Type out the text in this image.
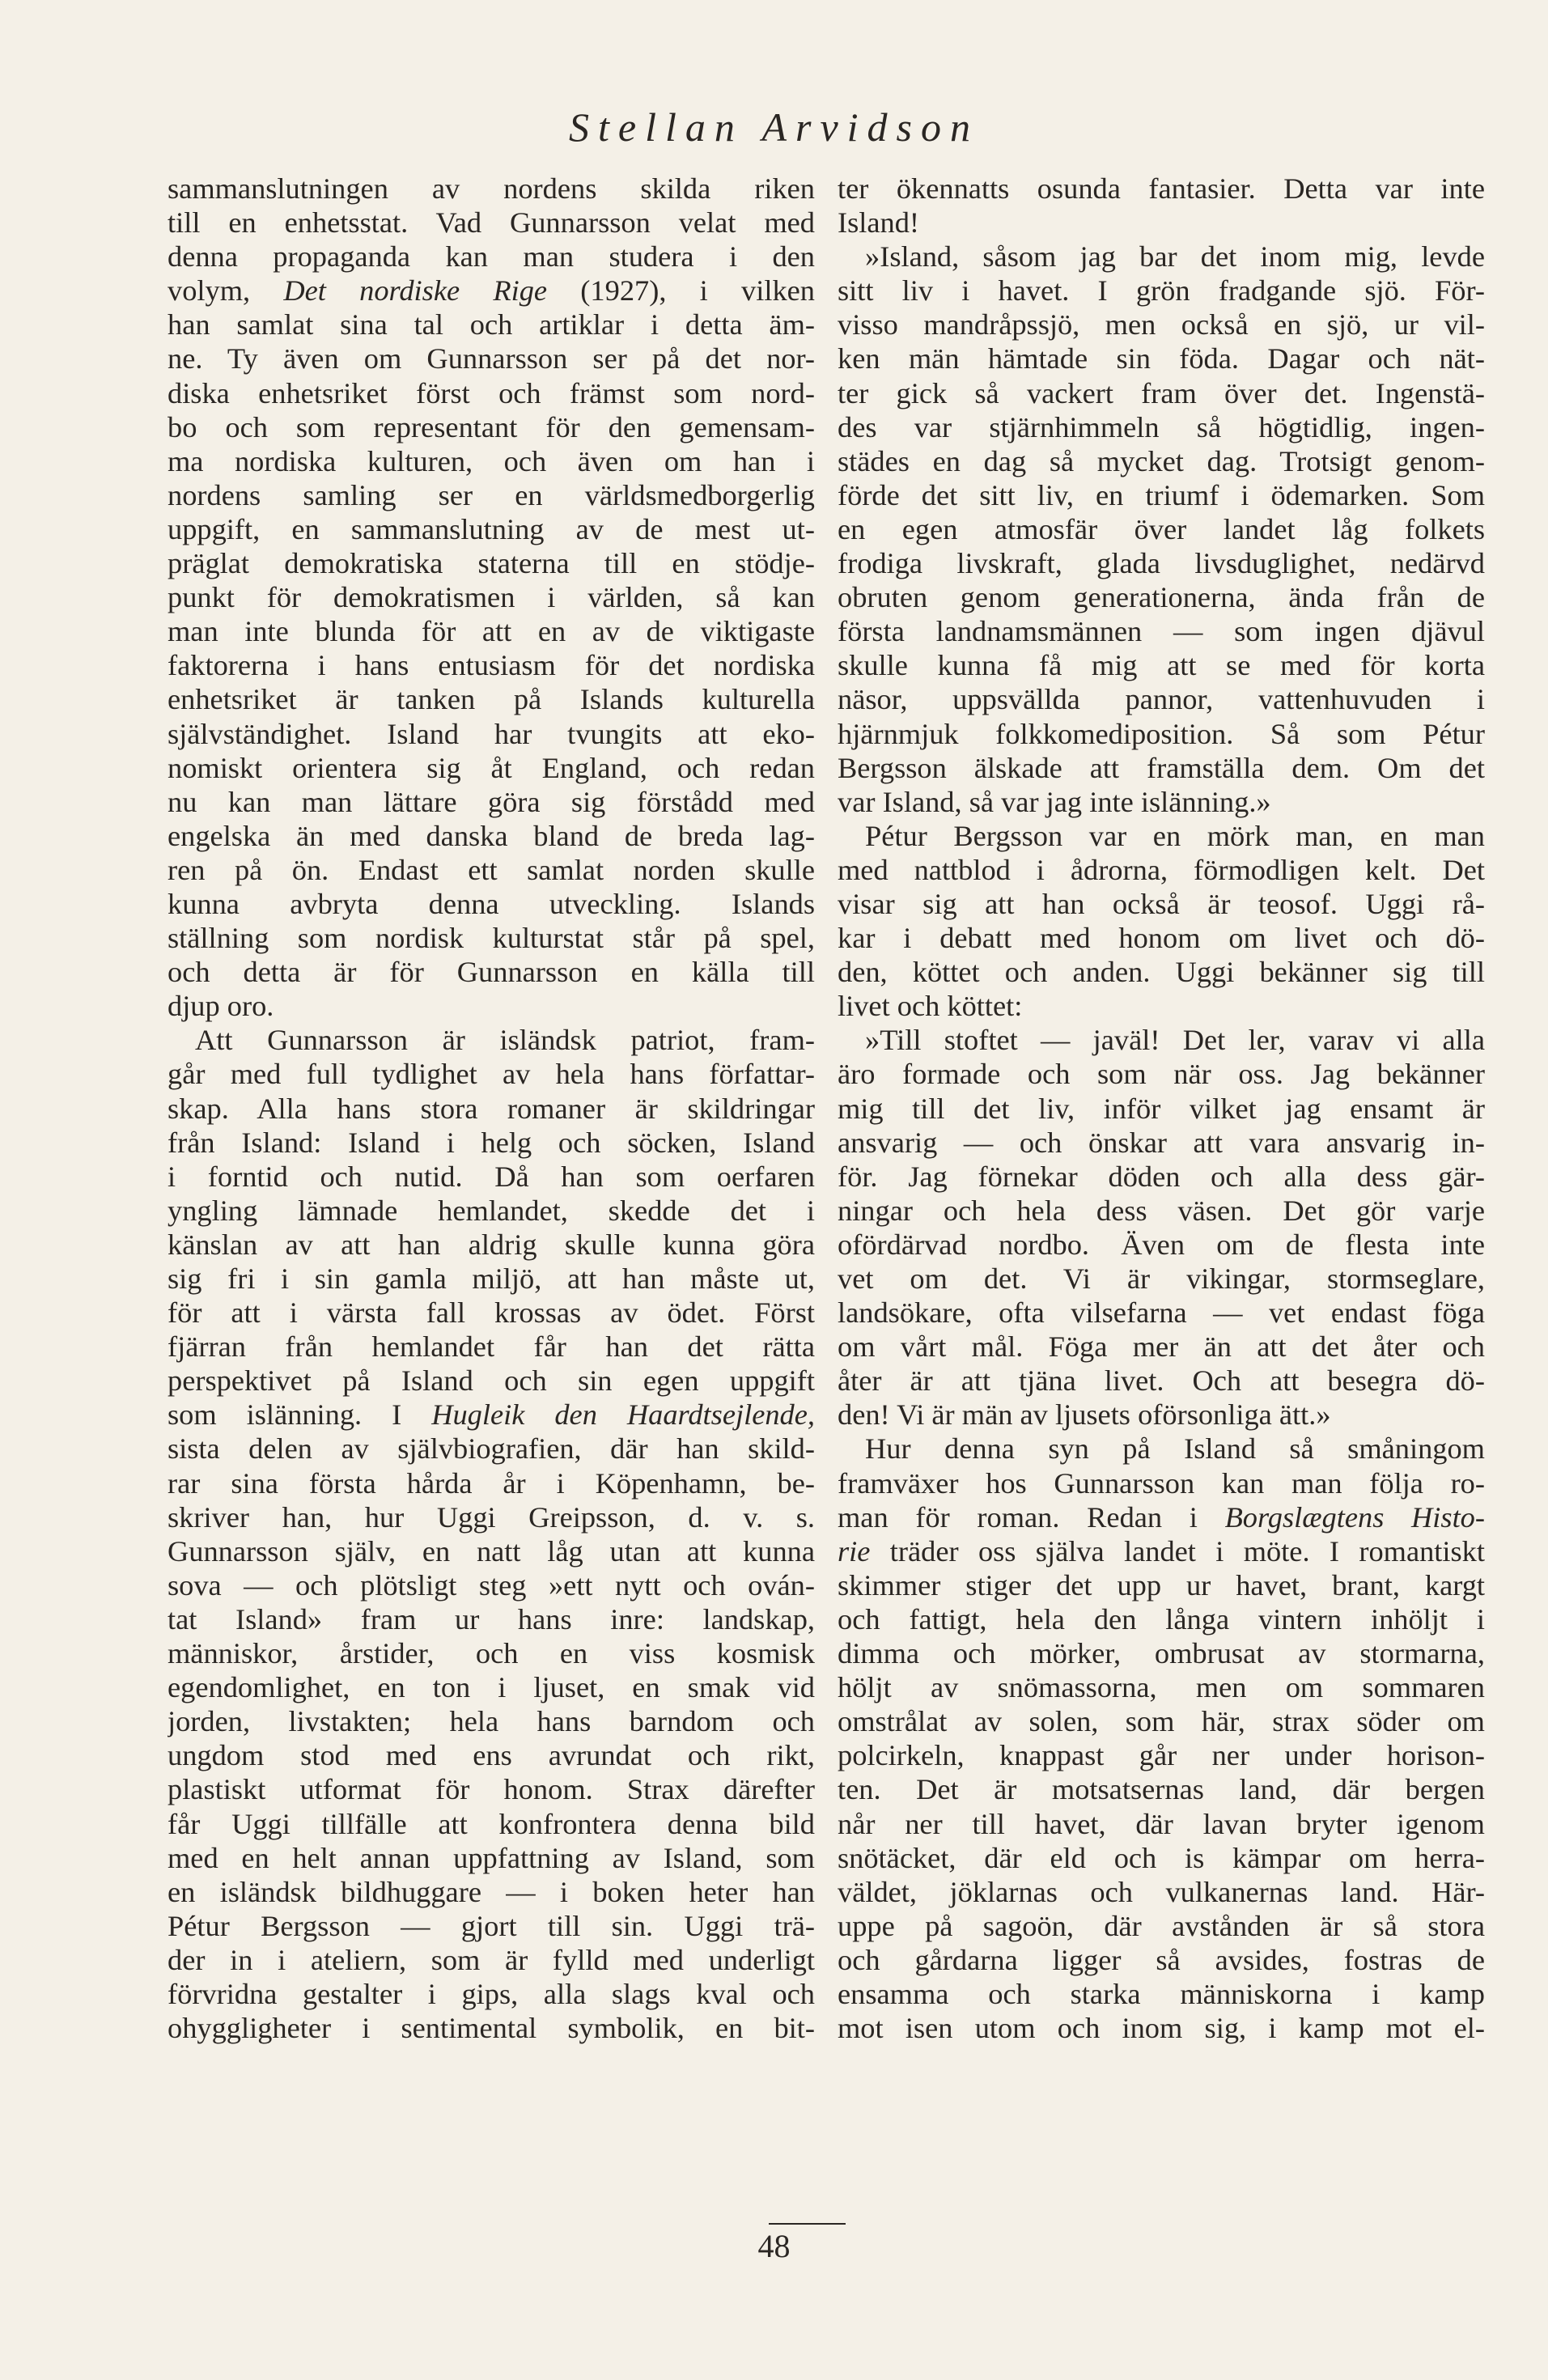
Stellan Arvidson
sammanslutningen av nordens skilda riken
till en enhetsstat. Vad Gunnarsson velat med
denna propaganda kan man studera i den
volym, Det nordiske Rige (1927), i vilken
han samlat sina tal och artiklar i detta äm-
ne. Ty även om Gunnarsson ser på det nor-
diska enhetsriket först och främst som nord-
bo och som representant för den gemensam-
ma nordiska kulturen, och även om han i
nordens samling ser en världsmedborgerlig
uppgift, en sammanslutning av de mest ut-
präglat demokratiska staterna till en stödje-
punkt för demokratismen i världen, så kan
man inte blunda för att en av de viktigaste
faktorerna i hans entusiasm för det nordiska
enhetsriket är tanken på Islands kulturella
självständighet. Island har tvungits att eko-
nomiskt orientera sig åt England, och redan
nu kan man lättare göra sig förstådd med
engelska än med danska bland de breda lag-
ren på ön. Endast ett samlat norden skulle
kunna avbryta denna utveckling. Islands
ställning som nordisk kulturstat står på spel,
och detta är för Gunnarsson en källa till
djup oro.
Att Gunnarsson är isländsk patriot, fram-
går med full tydlighet av hela hans författar-
skap. Alla hans stora romaner är skildringar
från Island: Island i helg och söcken, Island
i forntid och nutid. Då han som oerfaren
yngling lämnade hemlandet, skedde det i
känslan av att han aldrig skulle kunna göra
sig fri i sin gamla miljö, att han måste ut,
för att i värsta fall krossas av ödet. Först
fjärran från hemlandet får han det rätta
perspektivet på Island och sin egen uppgift
som islänning. I Hugleik den Haardtsejlende,
sista delen av självbiografien, där han skild-
rar sina första hårda år i Köpenhamn, be-
skriver han, hur Uggi Greipsson, d. v. s.
Gunnarsson själv, en natt låg utan att kunna
sova — och plötsligt steg »ett nytt och ován-
tat Island» fram ur hans inre: landskap,
människor, årstider, och en viss kosmisk
egendomlighet, en ton i ljuset, en smak vid
jorden, livstakten; hela hans barndom och
ungdom stod med ens avrundat och rikt,
plastiskt utformat för honom. Strax därefter
får Uggi tillfälle att konfrontera denna bild
med en helt annan uppfattning av Island, som
en isländsk bildhuggare — i boken heter han
Pétur Bergsson — gjort till sin. Uggi trä-
der in i ateliern, som är fylld med underligt
förvridna gestalter i gips, alla slags kval och
ohyggligheter i sentimental symbolik, en bit-
ter ökennatts osunda fantasier. Detta var inte
Island!
»Island, såsom jag bar det inom mig, levde
sitt liv i havet. I grön fradgande sjö. För-
visso mandråpssjö, men också en sjö, ur vil-
ken män hämtade sin föda. Dagar och nät-
ter gick så vackert fram över det. Ingenstä-
des var stjärnhimmeln så högtidlig, ingen-
städes en dag så mycket dag. Trotsigt genom-
förde det sitt liv, en triumf i ödemarken. Som
en egen atmosfär över landet låg folkets
frodiga livskraft, glada livsduglighet, nedärvd
obruten genom generationerna, ända från de
första landnamsmännen — som ingen djävul
skulle kunna få mig att se med för korta
näsor, uppsvällda pannor, vattenhuvuden i
hjärnmjuk folkkomediposition. Så som Pétur
Bergsson älskade att framställa dem. Om det
var Island, så var jag inte islänning.»
Pétur Bergsson var en mörk man, en man
med nattblod i ådrorna, förmodligen kelt. Det
visar sig att han också är teosof. Uggi rå-
kar i debatt med honom om livet och dö-
den, köttet och anden. Uggi bekänner sig till
livet och köttet:
»Till stoftet — javäl! Det ler, varav vi alla
äro formade och som när oss. Jag bekänner
mig till det liv, inför vilket jag ensamt är
ansvarig — och önskar att vara ansvarig in-
för. Jag förnekar döden och alla dess gär-
ningar och hela dess väsen. Det gör varje
ofördärvad nordbo. Även om de flesta inte
vet om det. Vi är vikingar, stormseglare,
landsökare, ofta vilsefarna — vet endast föga
om vårt mål. Föga mer än att det åter och
åter är att tjäna livet. Och att besegra dö-
den! Vi är män av ljusets oförsonliga ätt.»
Hur denna syn på Island så småningom
framväxer hos Gunnarsson kan man följa ro-
man för roman. Redan i Borgslægtens Histo-
rie träder oss själva landet i möte. I romantiskt
skimmer stiger det upp ur havet, brant, kargt
och fattigt, hela den långa vintern inhöljt i
dimma och mörker, ombrusat av stormarna,
höljt av snömassorna, men om sommaren
omstrålat av solen, som här, strax söder om
polcirkeln, knappast går ner under horison-
ten. Det är motsatsernas land, där bergen
når ner till havet, där lavan bryter igenom
snötäcket, där eld och is kämpar om herra-
väldet, jöklarnas och vulkanernas land. Här-
uppe på sagoön, där avstånden är så stora
och gårdarna ligger så avsides, fostras de
ensamma och starka människorna i kamp
mot isen utom och inom sig, i kamp mot el-
48
